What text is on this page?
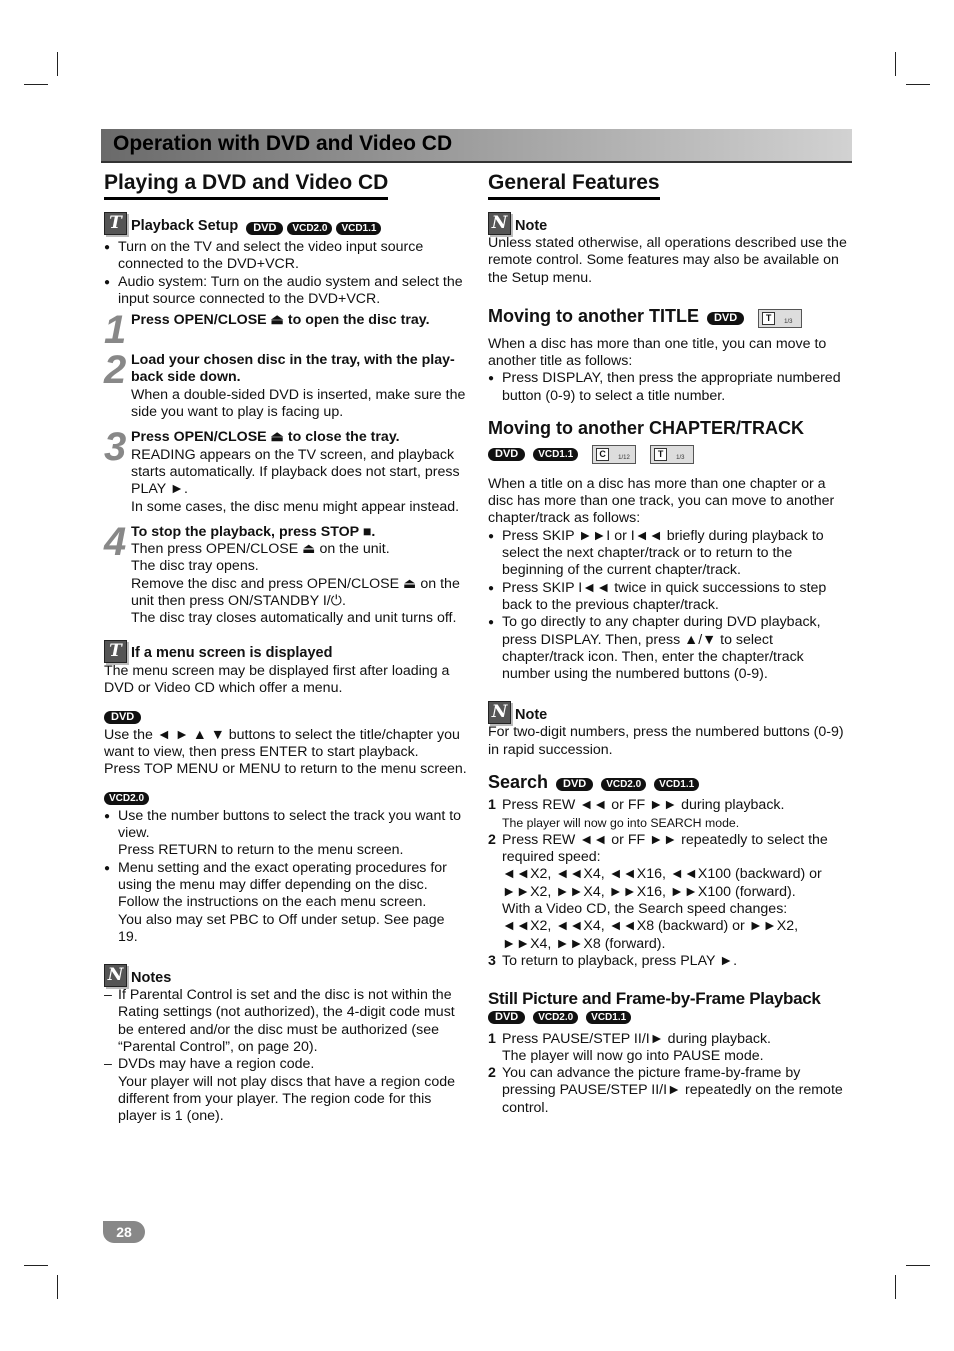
Operation with DVD and Video CD
Playing a DVD and Video CD
T Playback Setup	DVD	VCD2.0	VCD1.1

● Turn on the TV and select the video input source connected to the DVD+VCR.

● Audio system: Turn on the audio system and select the input source connected to the DVD+VCR.

1 Press OPEN/CLOSE ⏏ to open the disc tray.

2 Load your chosen disc in the tray, with the play-back side down.

When a double-sided DVD is inserted, make sure the side you want to play is facing up.

3 Press OPEN/CLOSE ⏏ to close the tray.

READING appears on the TV screen, and playback starts automatically. If playback does not start, press PLAY ►.

In some cases, the disc menu might appear instead.

4 To stop the playback, press STOP ■.

Then press OPEN/CLOSE ⏏ on the unit.

The disc tray opens.

Remove the disc and press OPEN/CLOSE ⏏ on the unit then press ON/STANDBY I/⏻.

The disc tray closes automatically and unit turns off.

T If a menu screen is displayed

The menu screen may be displayed first after loading a DVD or Video CD which offer a menu.

DVD

Use the ◄ ► ▲ ▼ buttons to select the title/chapter you want to view, then press ENTER to start playback.

Press TOP MENU or MENU to return to the menu screen.

VCD2.0

● Use the number buttons to select the track you want to view.

Press RETURN to return to the menu screen.

● Menu setting and the exact operating procedures for using the menu may differ depending on the disc. Follow the instructions on the each menu screen.

You also may set PBC to Off under setup. See page 19.

N Notes

– If Parental Control is set and the disc is not within the Rating settings (not authorized), the 4-digit code must be entered and/or the disc must be authorized (see “Parental Control”, on page 20).

– DVDs may have a region code.

Your player will not play discs that have a region code different from your player. The region code for this player is 1 (one).

General Features
N Note

Unless stated otherwise, all operations described use the remote control. Some features may also be available on the Setup menu.

Moving to another TITLE DVD	T	1/3

When a disc has more than one title, you can move to another title as follows:

● Press DISPLAY, then press the appropriate numbered button (0-9) to select a title number.

Moving to another CHAPTER/TRACK
DVD VCD1.1	C	1/12
	T	1/3

When a title on a disc has more than one chapter or a disc has more than one track, you can move to another chapter/track as follows:

● Press SKIP ►►I or I◄◄ briefly during playback to select the next chapter/track or to return to the beginning of the current chapter/track.

● Press SKIP I◄◄ twice in quick successions to step back to the previous chapter/track.

● To go directly to any chapter during DVD playback, press DISPLAY. Then, press ▲/▼ to select chapter/track icon. Then, enter the chapter/track number using the numbered buttons (0-9).

N Note

For two-digit numbers, press the numbered buttons (0-9) in rapid succession.

Search DVD VCD2.0 VCD1.1
1 Press REW ◄◄ or FF ►► during playback.

The player will now go into SEARCH mode.

2 Press REW ◄◄ or FF ►► repeatedly to select the required speed:

◄◄X2, ◄◄X4, ◄◄X16, ◄◄X100 (backward) or ►►X2, ►►X4, ►►X16, ►►X100 (forward).

With a Video CD, the Search speed changes:

◄◄X2, ◄◄X4, ◄◄X8 (backward) or ►►X2, ►►X4, ►►X8 (forward).

3 To return to playback, press PLAY ►.

Still Picture and Frame-by-Frame Playback
DVD VCD2.0 VCD1.1
1 Press PAUSE/STEP II/I► during playback.

The player will now go into PAUSE mode.

2 You can advance the picture frame-by-frame by pressing PAUSE/STEP II/I► repeatedly on the remote control.

28
